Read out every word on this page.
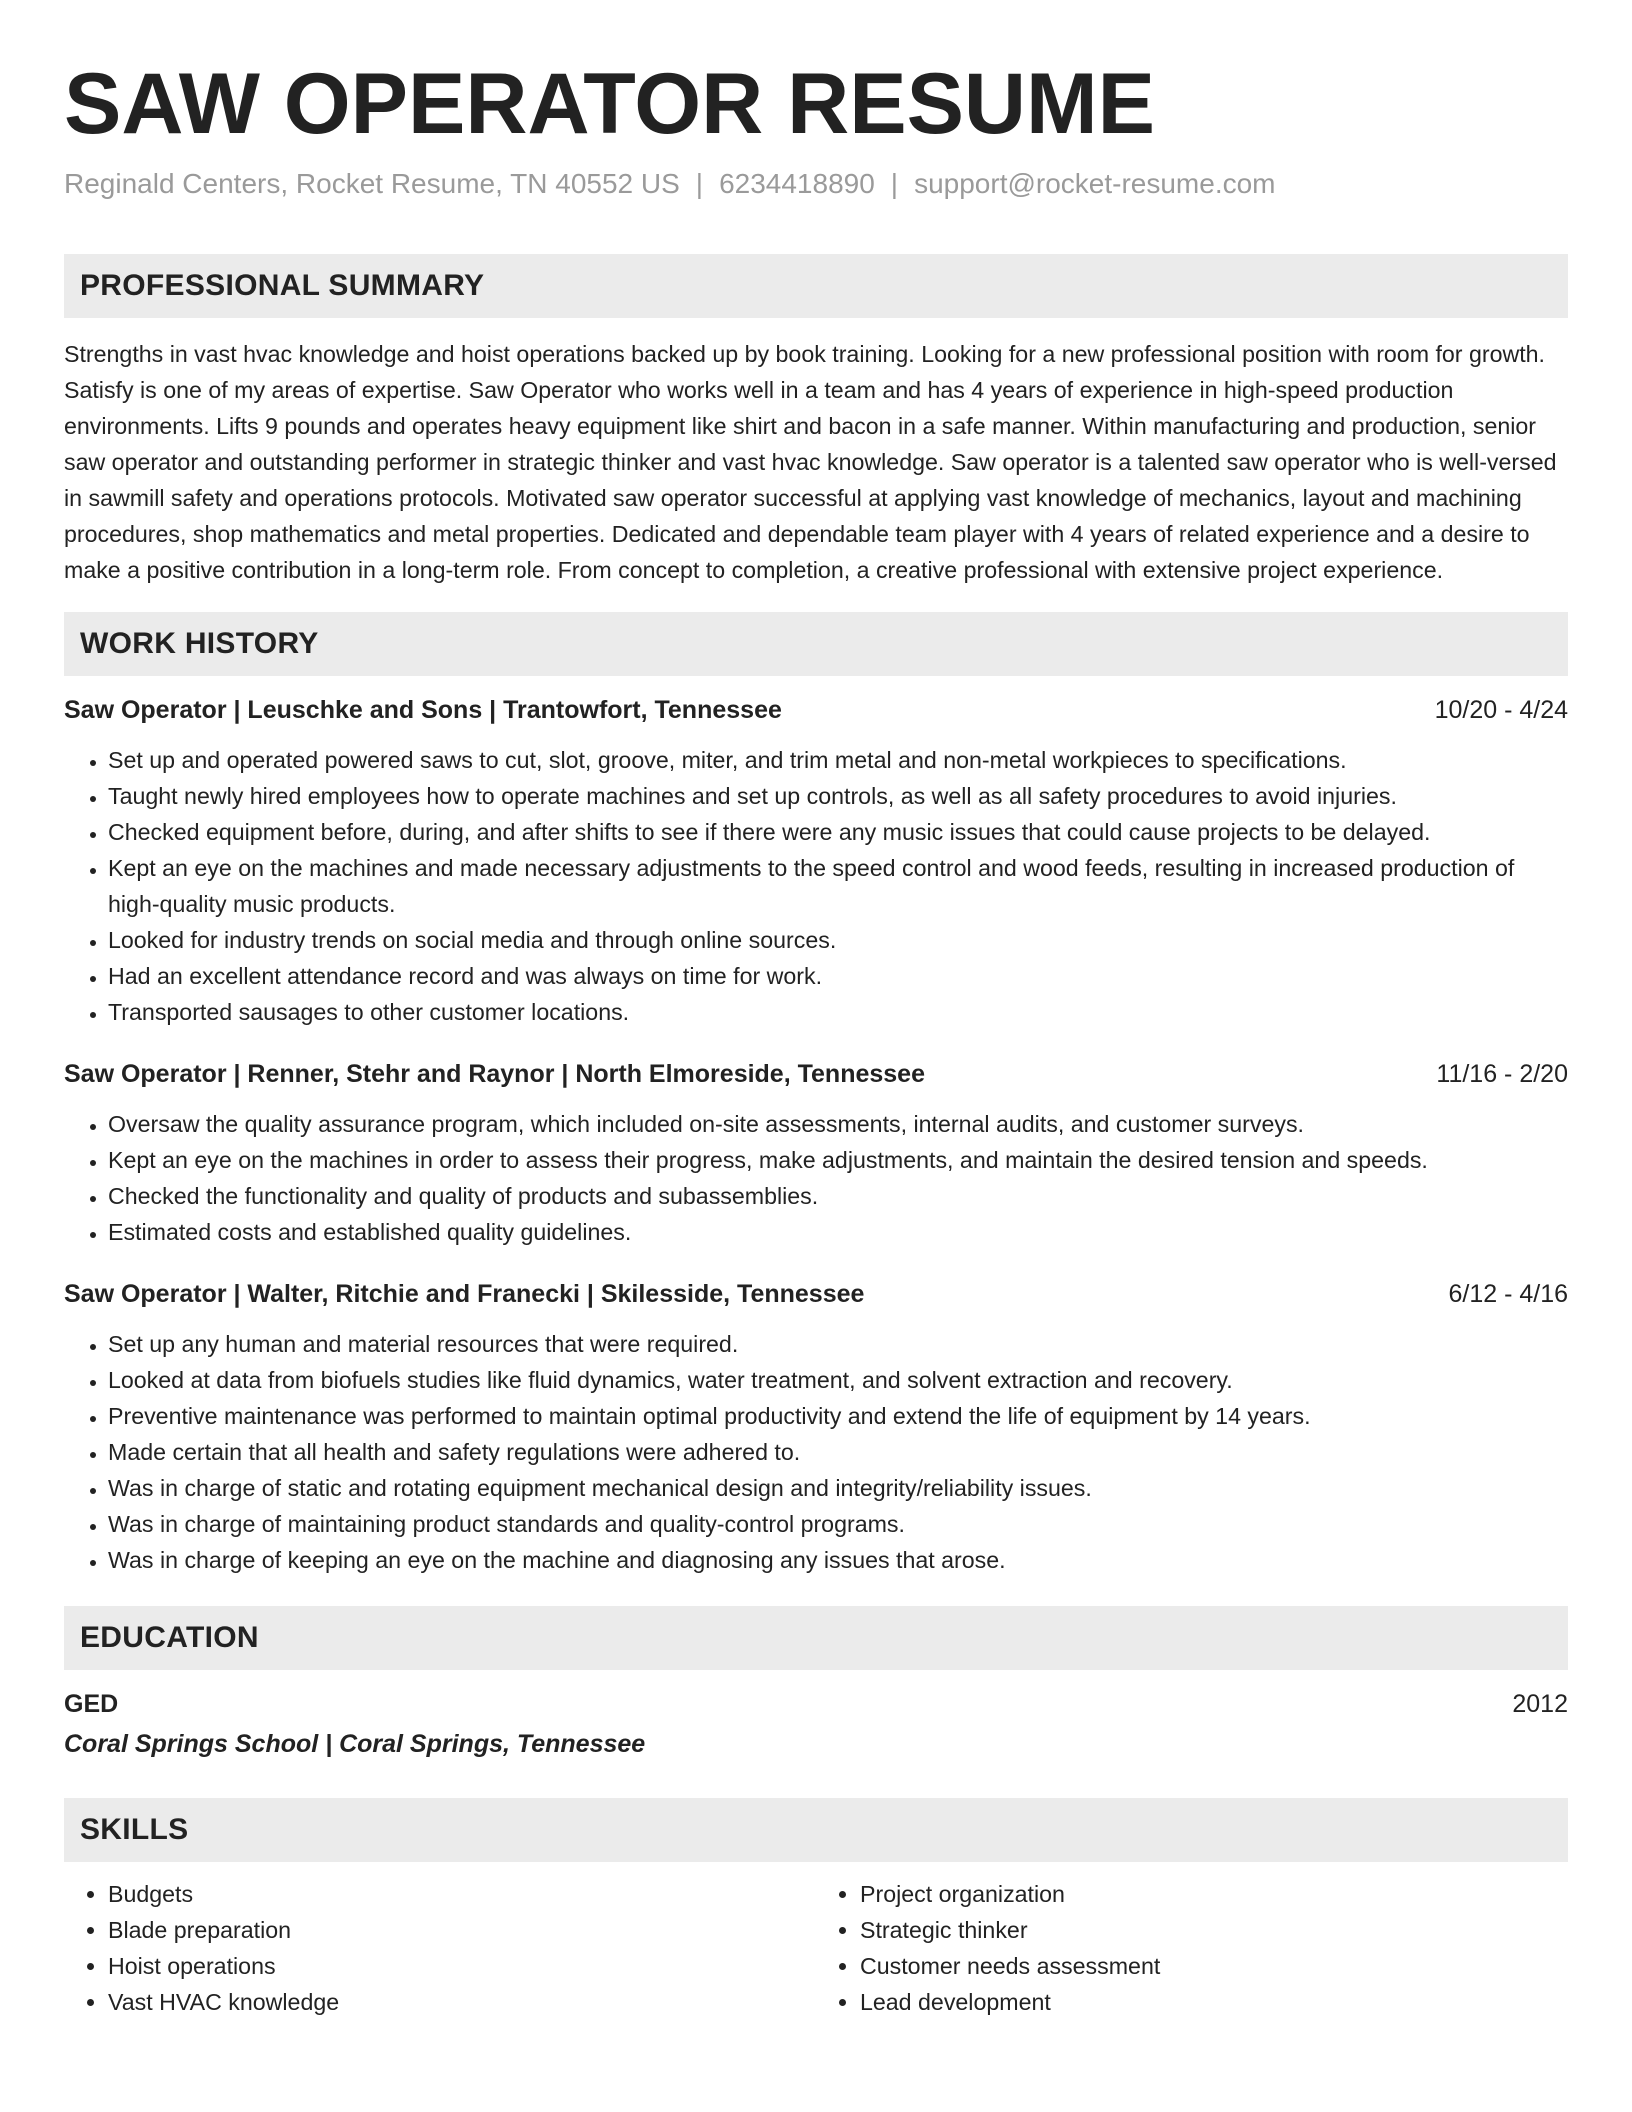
SAW OPERATOR RESUME
Reginald Centers, Rocket Resume, TN 40552 US | 6234418890 | support@rocket-resume.com
PROFESSIONAL SUMMARY

Strengths in vast hvac knowledge and hoist operations backed up by book training. Looking for a new professional position with room for growth. Satisfy is one of my areas of expertise. Saw Operator who works well in a team and has 4 years of experience in high-speed production environments. Lifts 9 pounds and operates heavy equipment like shirt and bacon in a safe manner. Within manufacturing and production, senior saw operator and outstanding performer in strategic thinker and vast hvac knowledge. Saw operator is a talented saw operator who is well-versed in sawmill safety and operations protocols. Motivated saw operator successful at applying vast knowledge of mechanics, layout and machining procedures, shop mathematics and metal properties. Dedicated and dependable team player with 4 years of related experience and a desire to make a positive contribution in a long-term role. From concept to completion, a creative professional with extensive project experience.

WORK HISTORY
Saw Operator | Leuschke and Sons | Trantowfort, Tennessee	10/20 - 4/24
• Set up and operated powered saws to cut, slot, groove, miter, and trim metal and non-metal workpieces to specifications.
• Taught newly hired employees how to operate machines and set up controls, as well as all safety procedures to avoid injuries.
• Checked equipment before, during, and after shifts to see if there were any music issues that could cause projects to be delayed.
• Kept an eye on the machines and made necessary adjustments to the speed control and wood feeds, resulting in increased production of high-quality music products.
• Looked for industry trends on social media and through online sources.
• Had an excellent attendance record and was always on time for work.
• Transported sausages to other customer locations.
Saw Operator | Renner, Stehr and Raynor | North Elmoreside, Tennessee	11/16 - 2/20
• Oversaw the quality assurance program, which included on-site assessments, internal audits, and customer surveys.
• Kept an eye on the machines in order to assess their progress, make adjustments, and maintain the desired tension and speeds.
• Checked the functionality and quality of products and subassemblies.
• Estimated costs and established quality guidelines.
Saw Operator | Walter, Ritchie and Franecki | Skilesside, Tennessee	6/12 - 4/16
• Set up any human and material resources that were required.
• Looked at data from biofuels studies like fluid dynamics, water treatment, and solvent extraction and recovery.
• Preventive maintenance was performed to maintain optimal productivity and extend the life of equipment by 14 years.
• Made certain that all health and safety regulations were adhered to.
• Was in charge of static and rotating equipment mechanical design and integrity/reliability issues.
• Was in charge of maintaining product standards and quality-control programs.
• Was in charge of keeping an eye on the machine and diagnosing any issues that arose.
EDUCATION
GED	2012
Coral Springs School | Coral Springs, Tennessee
SKILLS
• Budgets
• Blade preparation
• Hoist operations
• Vast HVAC knowledge
• Project organization
• Strategic thinker
• Customer needs assessment
• Lead development
